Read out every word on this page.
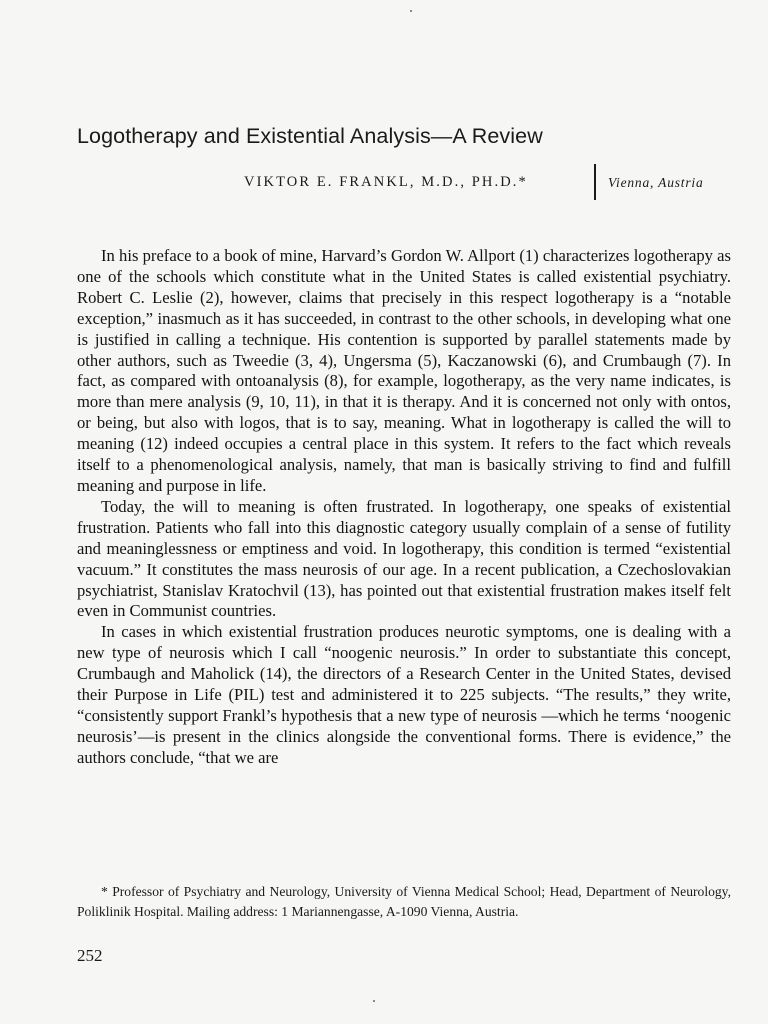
Logotherapy and Existential Analysis—A Review
VIKTOR E. FRANKL, M.D., PH.D.*	Vienna, Austria

In his preface to a book of mine, Harvard’s Gordon W. Allport (1) characterizes logotherapy as one of the schools which constitute what in the United States is called existential psychiatry. Robert C. Leslie (2), however, claims that precisely in this respect logotherapy is a “notable exception,” inasmuch as it has succeeded, in contrast to the other schools, in developing what one is justified in calling a technique. His contention is supported by parallel statements made by other authors, such as Tweedie (3, 4), Ungersma (5), Kaczanowski (6), and Crumbaugh (7). In fact, as compared with ontoanalysis (8), for example, logotherapy, as the very name indicates, is more than mere analysis (9, 10, 11), in that it is therapy. And it is concerned not only with ontos, or being, but also with logos, that is to say, meaning. What in logotherapy is called the will to meaning (12) indeed occupies a central place in this system. It refers to the fact which reveals itself to a phenomenological analysis, namely, that man is basically striving to find and fulfill meaning and purpose in life.

Today, the will to meaning is often frustrated. In logotherapy, one speaks of existential frustration. Patients who fall into this diagnostic category usually complain of a sense of futility and meaninglessness or emptiness and void. In logotherapy, this condition is termed “existential vacuum.” It constitutes the mass neurosis of our age. In a recent publication, a Czechoslovakian psychiatrist, Stanislav Kratochvil (13), has pointed out that existential frustration makes itself felt even in Communist countries.

In cases in which existential frustration produces neurotic symptoms, one is dealing with a new type of neurosis which I call “noogenic neurosis.” In order to substantiate this concept, Crumbaugh and Maholick (14), the directors of a Research Center in the United States, devised their Purpose in Life (PIL) test and administered it to 225 subjects. “The results,” they write, “consistently support Frankl’s hypothesis that a new type of neurosis —which he terms ‘noogenic neurosis’—is present in the clinics alongside the conventional forms. There is evidence,” the authors conclude, “that we are

* Professor of Psychiatry and Neurology, University of Vienna Medical School; Head, Department of Neurology, Poliklinik Hospital. Mailing address: 1 Mariannengasse, A-1090 Vienna, Austria.

252
